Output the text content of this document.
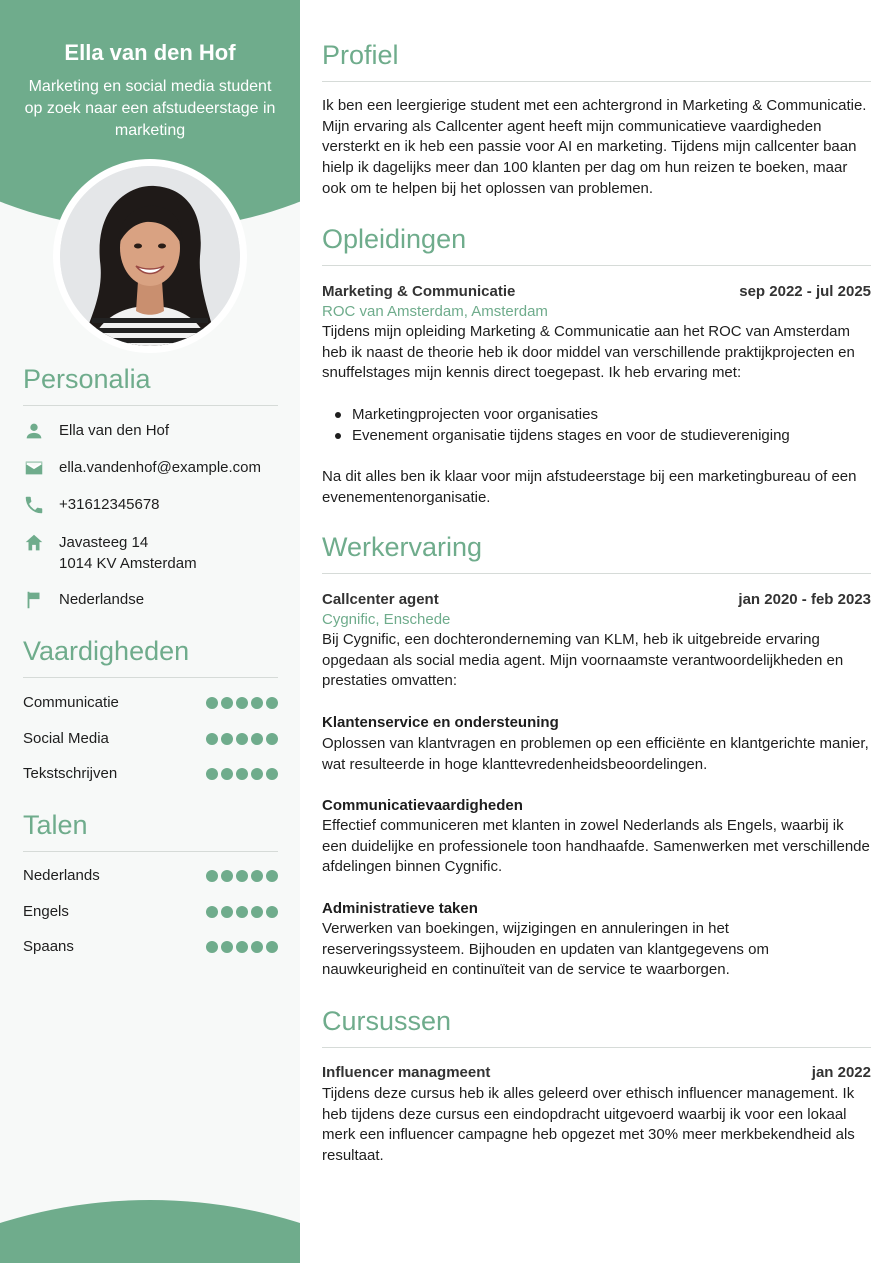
Ella van den Hof
Marketing en social media student op zoek naar een afstudeerstage in marketing
Personalia
Ella van den Hof
ella.vandenhof@example.com
+31612345678
Javasteeg 14
1014 KV Amsterdam
Nederlandse
Vaardigheden
Communicatie
Social Media
Tekstschrijven
Talen
Nederlands
Engels
Spaans
Profiel
Ik ben een leergierige student met een achtergrond in Marketing & Communicatie. Mijn ervaring als Callcenter agent heeft mijn communicatieve vaardigheden versterkt en ik heb een passie voor AI en marketing. Tijdens mijn callcenter baan hielp ik dagelijks meer dan 100 klanten per dag om hun reizen te boeken, maar ook om te helpen bij het oplossen van problemen.
Opleidingen
Marketing & Communicatie	sep 2022 - jul 2025
ROC van Amsterdam, Amsterdam
Tijdens mijn opleiding Marketing & Communicatie aan het ROC van Amsterdam heb ik naast de theorie heb ik door middel van verschillende praktijkprojecten en snuffelstages mijn kennis direct toegepast. Ik heb ervaring met:
Marketingprojecten voor organisaties
Evenement organisatie tijdens stages en voor de studievereniging
Na dit alles ben ik klaar voor mijn afstudeerstage bij een marketingbureau of een evenementenorganisatie.
Werkervaring
Callcenter agent	jan 2020 - feb 2023
Cygnific, Enschede
Bij Cygnific, een dochteronderneming van KLM, heb ik uitgebreide ervaring opgedaan als social media agent. Mijn voornaamste verantwoordelijkheden en prestaties omvatten:
Klantenservice en ondersteuning
Oplossen van klantvragen en problemen op een efficiënte en klantgerichte manier, wat resulteerde in hoge klanttevredenheidsbeoordelingen.
Communicatievaardigheden
Effectief communiceren met klanten in zowel Nederlands als Engels, waarbij ik een duidelijke en professionele toon handhaafde. Samenwerken met verschillende afdelingen binnen Cygnific.
Administratieve taken
Verwerken van boekingen, wijzigingen en annuleringen in het reserveringssysteem. Bijhouden en updaten van klantgegevens om nauwkeurigheid en continuïteit van de service te waarborgen.
Cursussen
Influencer managmeent	jan 2022
Tijdens deze cursus heb ik alles geleerd over ethisch influencer management. Ik heb tijdens deze cursus een eindopdracht uitgevoerd waarbij ik voor een lokaal merk een influencer campagne heb opgezet met 30% meer merkbekendheid als resultaat.
